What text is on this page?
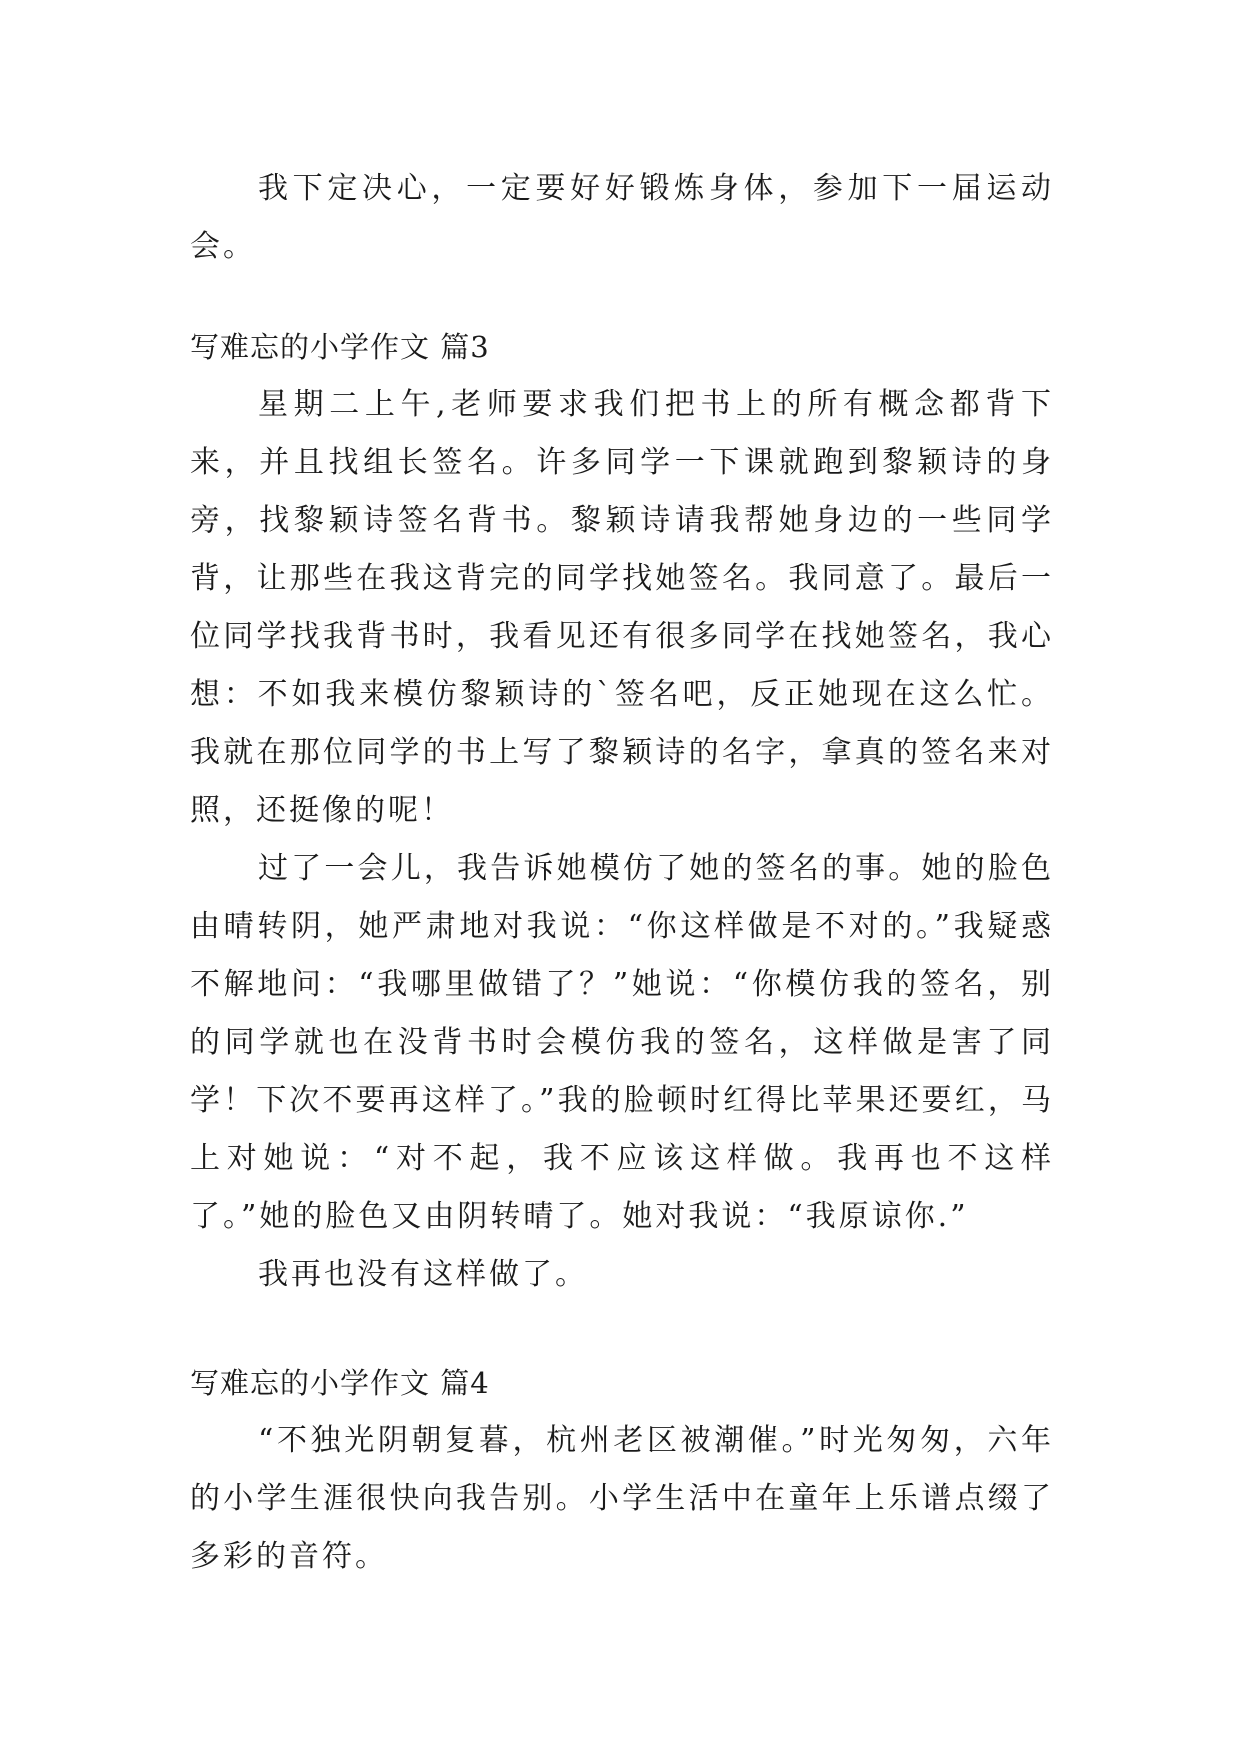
我下定决心，一定要好好锻炼身体，参加下一届运动会。

写难忘的小学作文 篇3

星期二上午,老师要求我们把书上的所有概念都背下来，并且找组长签名。许多同学一下课就跑到黎颖诗的身旁，找黎颖诗签名背书。黎颖诗请我帮她身边的一些同学背，让那些在我这背完的同学找她签名。我同意了。最后一位同学找我背书时，我看见还有很多同学在找她签名，我心想：不如我来模仿黎颖诗的`签名吧，反正她现在这么忙。我就在那位同学的书上写了黎颖诗的名字，拿真的签名来对照，还挺像的呢！

过了一会儿，我告诉她模仿了她的签名的事。她的脸色由晴转阴，她严肃地对我说：“你这样做是不对的。”我疑惑不解地问：“我哪里做错了？”她说：“你模仿我的签名，别的同学就也在没背书时会模仿我的签名，这样做是害了同学！下次不要再这样了。”我的脸顿时红得比苹果还要红，马上对她说：“对不起，我不应该这样做。我再也不这样了。”她的脸色又由阴转晴了。她对我说：“我原谅你.”

我再也没有这样做了。

写难忘的小学作文 篇4

“不独光阴朝复暮，杭州老区被潮催。”时光匆匆，六年的小学生涯很快向我告别。小学生活中在童年上乐谱点缀了多彩的音符。
